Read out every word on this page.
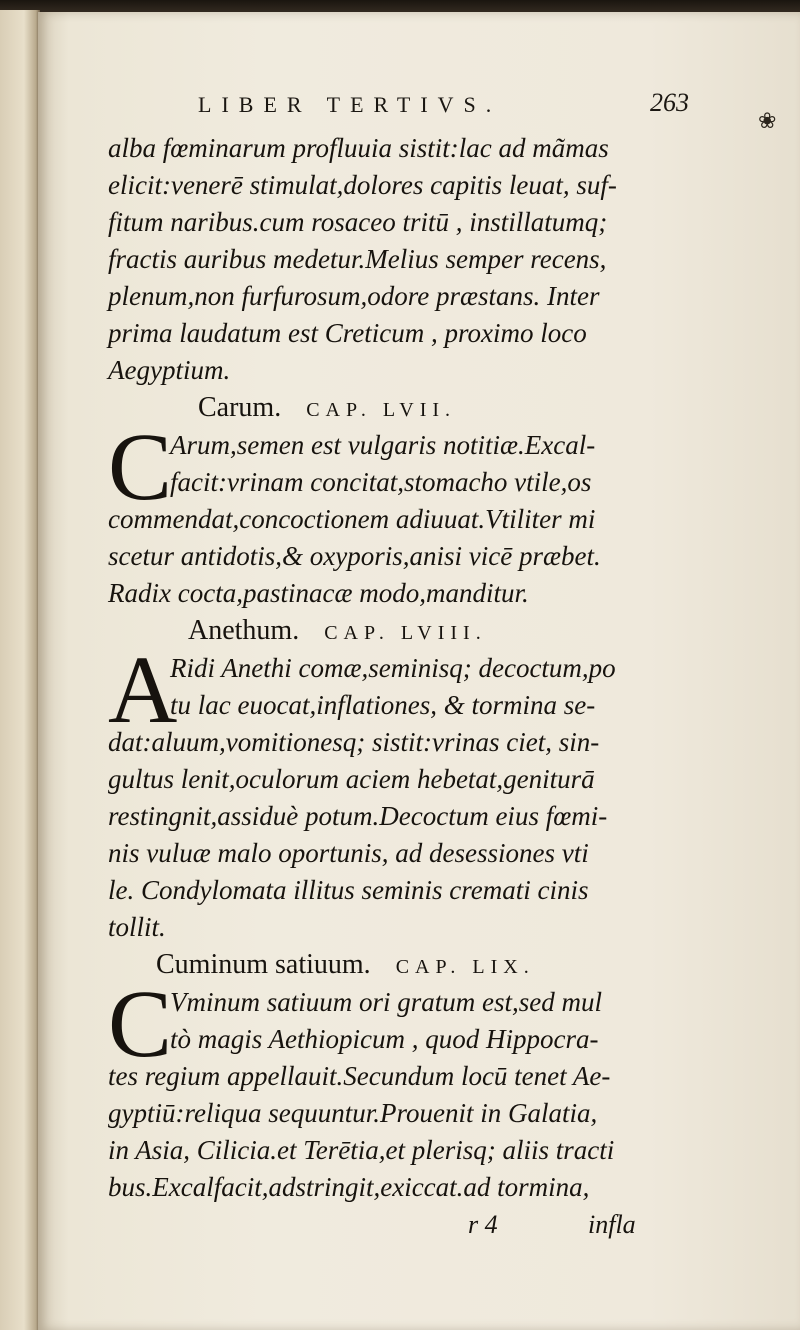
LIBER TERTIVS.	263
❀
alba fœminarum profluuia sistit:lac ad mãmas
elicit:venerē stimulat,dolores capitis leuat, suf-
fitum naribus.cum rosaceo tritū , instillatumq;
fractis auribus medetur.Melius semper recens,
plenum,non furfurosum,odore præstans. Inter
prima laudatum est Creticum , proximo loco
Aegyptium.
Carum. CAP. LVII.
C
Arum,semen est vulgaris notitiæ.Excal-
facit:vrinam concitat,stomacho vtile,os
commendat,concoctionem adiuuat.Vtiliter mi
scetur antidotis,& oxyporis,anisi vicē præbet.
Radix cocta,pastinacæ modo,manditur.
Anethum. CAP. LVIII.
A
Ridi Anethi comæ,seminisq; decoctum,po
tu lac euocat,inflationes, & tormina se-
dat:aluum,vomitionesq; sistit:vrinas ciet, sin-
gultus lenit,oculorum aciem hebetat,geniturā
restingnit,assiduè potum.Decoctum eius fœmi-
nis vuluæ malo oportunis, ad desessiones vti
le. Condylomata illitus seminis cremati cinis
tollit.
Cuminum satiuum. CAP. LIX.
C
Vminum satiuum ori gratum est,sed mul
tò magis Aethiopicum , quod Hippocra-
tes regium appellauit.Secundum locū tenet Ae-
gyptiū:reliqua sequuntur.Prouenit in Galatia,
in Asia, Cilicia.et Terētia,et plerisq; aliis tracti
bus.Excalfacit,adstringit,exiccat.ad tormina,
r 4	infla
